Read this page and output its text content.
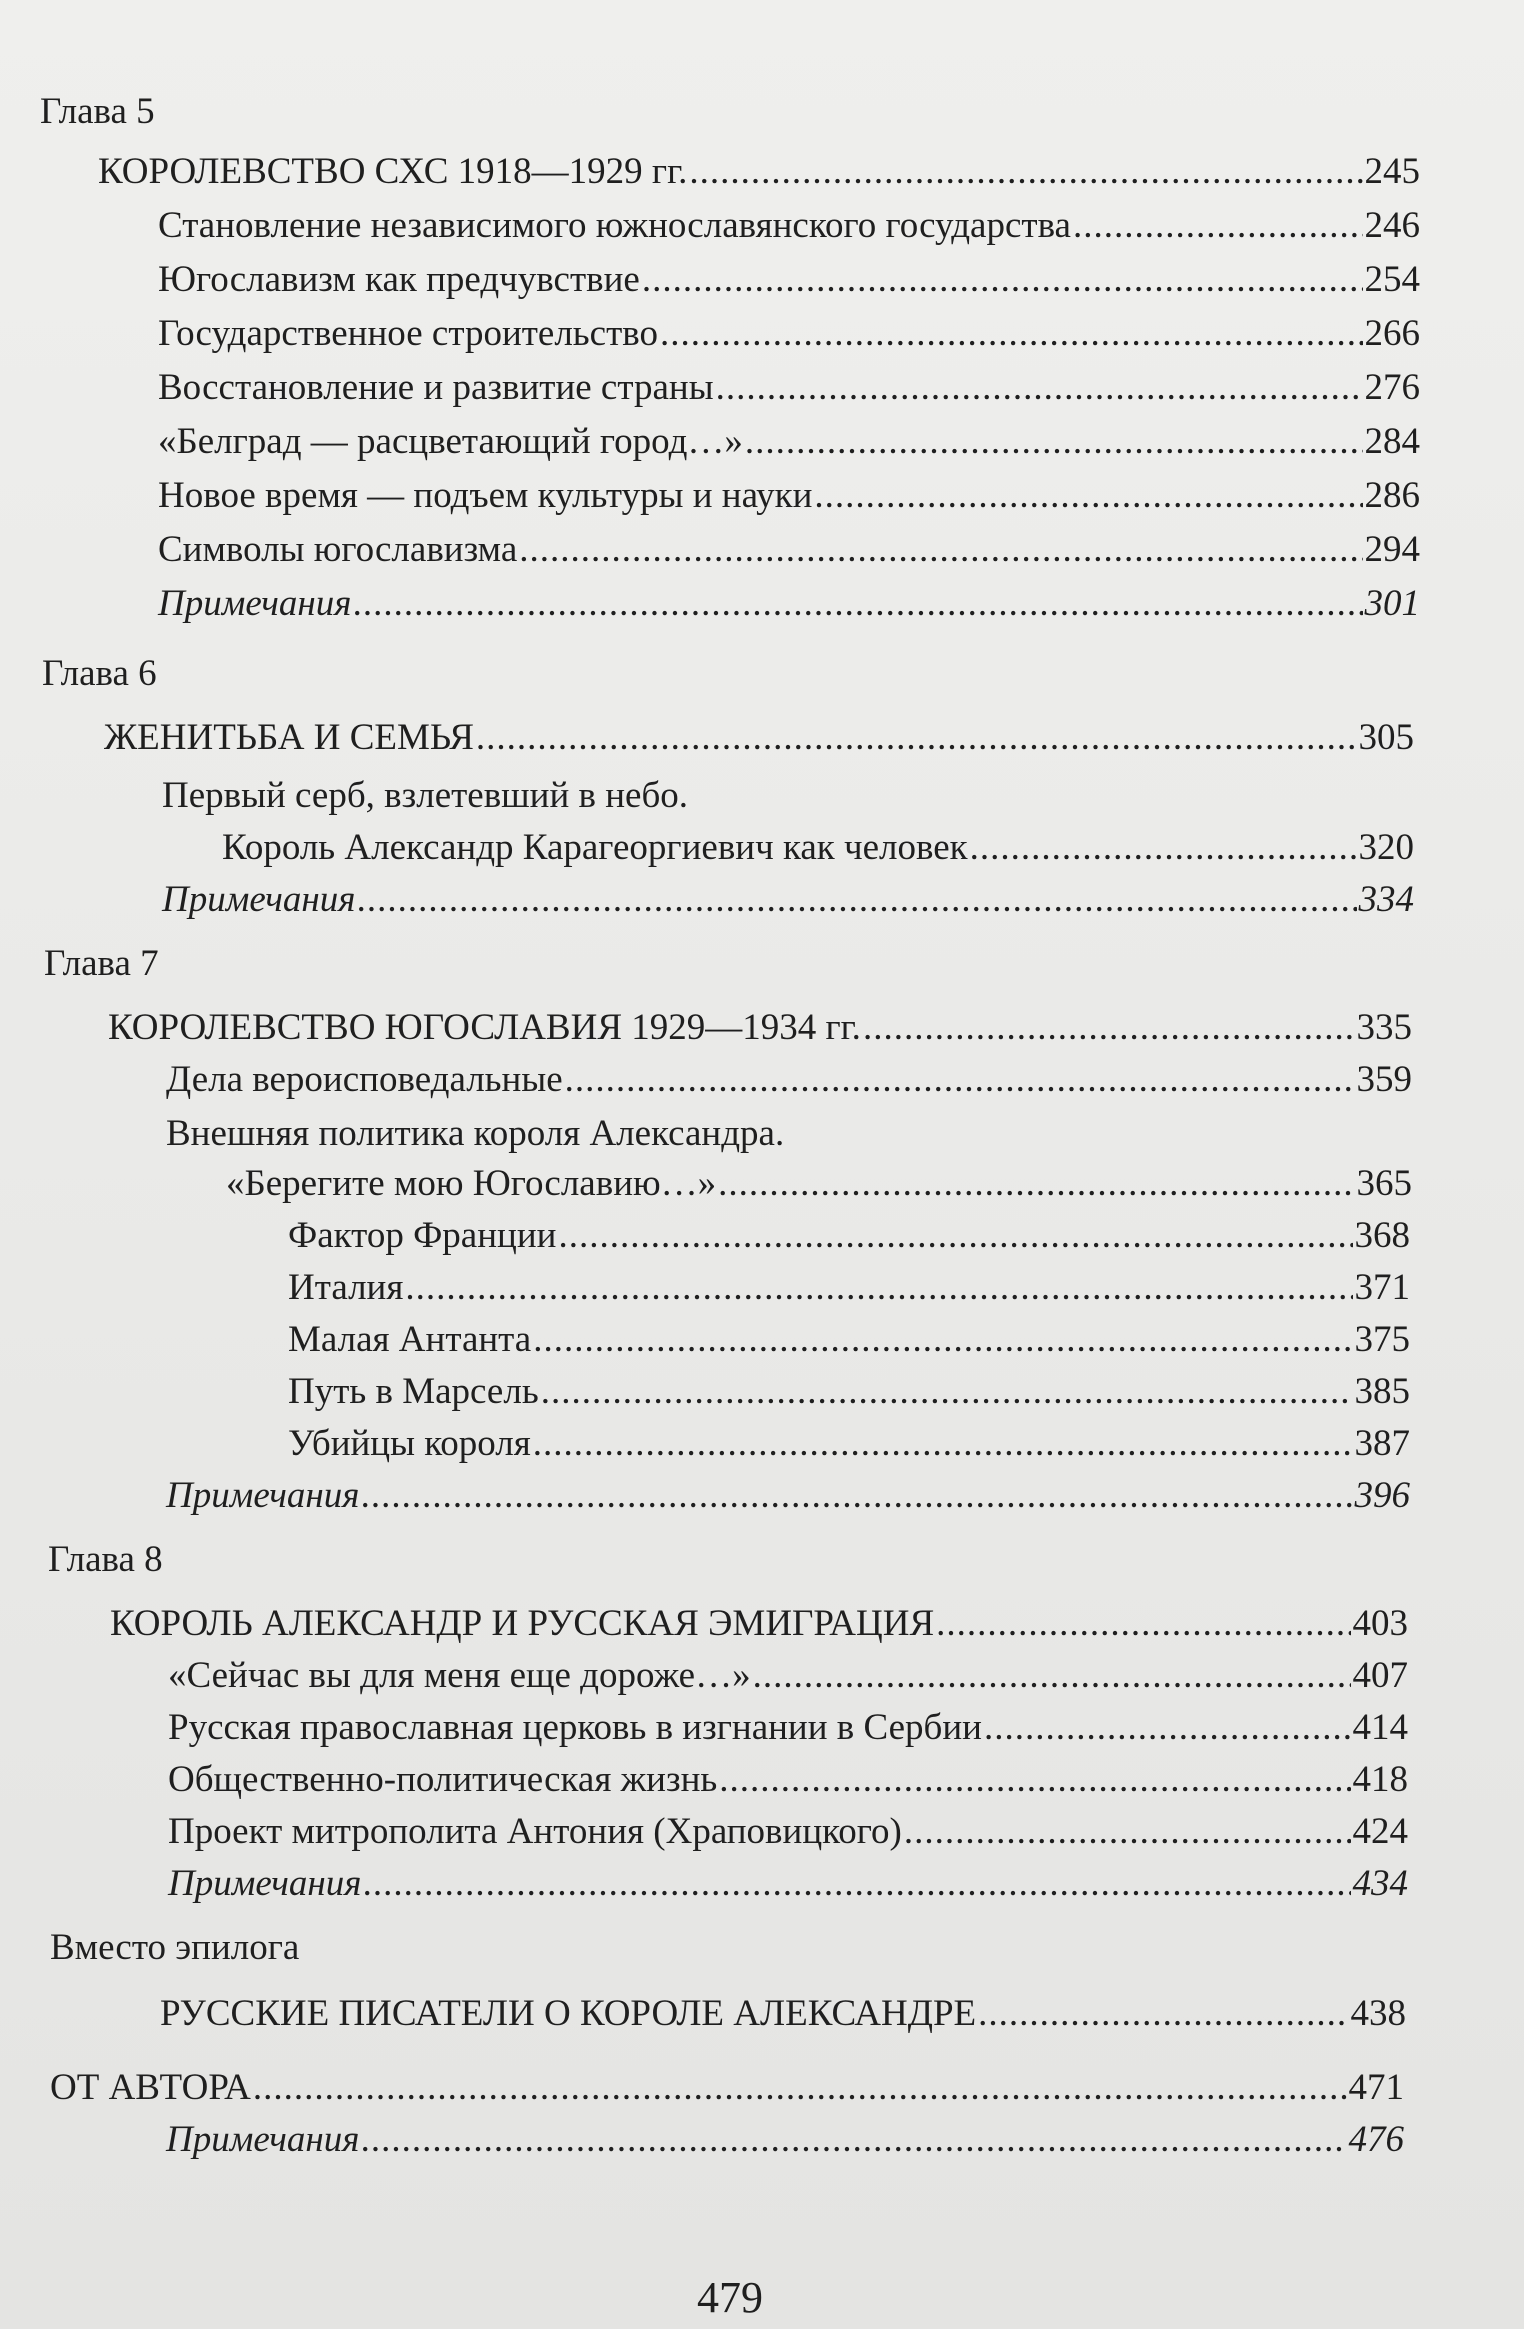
Глава 5
КОРОЛЕВСТВО СХС 1918—1929 гг. .....	245
Становление независимого южнославянского государства .....	246
Югославизм как предчувствие .....	254
Государственное строительство .....	266
Восстановление и развитие страны .....	276
«Белград — расцветающий город…» .....	284
Новое время — подъем культуры и науки .....	286
Символы югославизма .....	294
Примечания .....	301
Глава 6
ЖЕНИТЬБА И СЕМЬЯ .....	305
Первый серб, взлетевший в небо.
Король Александр Карагеоргиевич как человек .....	320
Примечания .....	334
Глава 7
КОРОЛЕВСТВО ЮГОСЛАВИЯ 1929—1934 гг. .....	335
Дела вероисповедальные .....	359
Внешняя политика короля Александра.
«Берегите мою Югославию…» .....	365
Фактор Франции .....	368
Италия .....	371
Малая Антанта .....	375
Путь в Марсель .....	385
Убийцы короля .....	387
Примечания .....	396
Глава 8
КОРОЛЬ АЛЕКСАНДР И РУССКАЯ ЭМИГРАЦИЯ .....	403
«Сейчас вы для меня еще дороже…» .....	407
Русская православная церковь в изгнании в Сербии .....	414
Общественно-политическая жизнь .....	418
Проект митрополита Антония (Храповицкого) .....	424
Примечания .....	434
Вместо эпилога
РУССКИЕ ПИСАТЕЛИ О КОРОЛЕ АЛЕКСАНДРЕ .....	438
ОТ АВТОРА .....	471
Примечания .....	476
479
